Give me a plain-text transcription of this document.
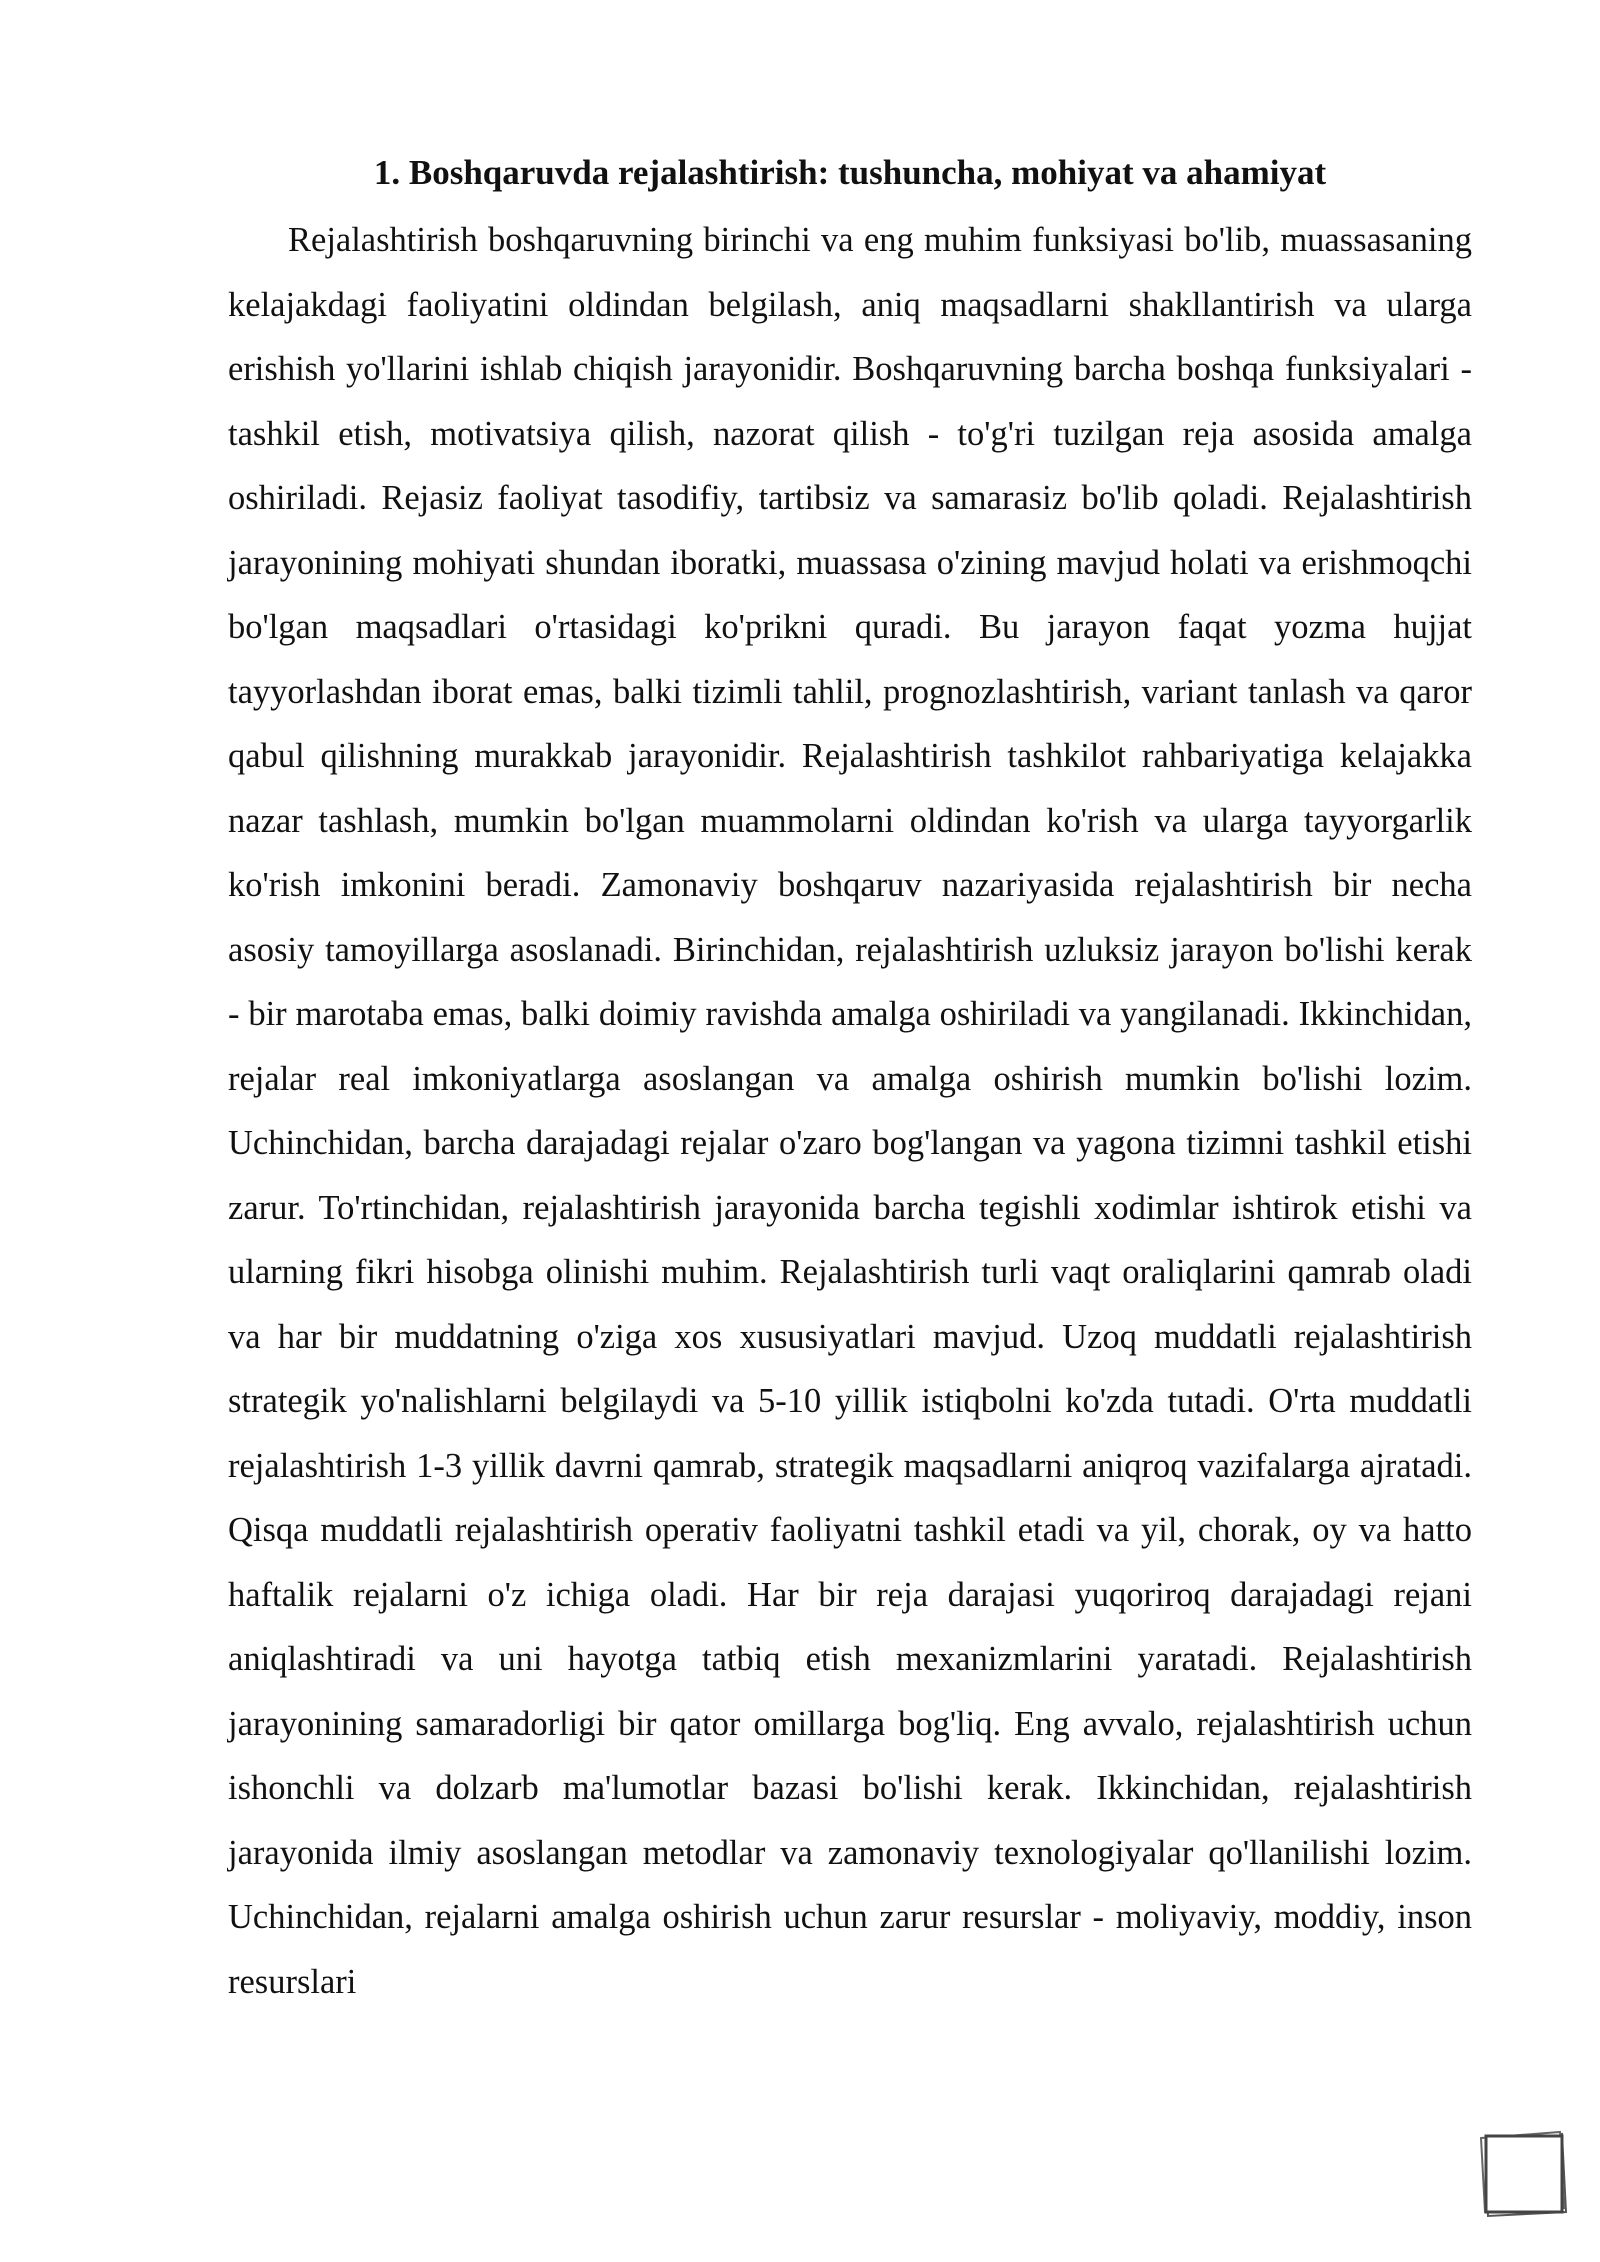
1. Boshqaruvda rejalashtirish: tushuncha, mohiyat va ahamiyat

Rejalashtirish boshqaruvning birinchi va eng muhim funksiyasi bo'lib, muassasaning kelajakdagi faoliyatini oldindan belgilash, aniq maqsadlarni shakllantirish va ularga erishish yo'llarini ishlab chiqish jarayonidir. Boshqaruvning barcha boshqa funksiyalari - tashkil etish, motivatsiya qilish, nazorat qilish - to'g'ri tuzilgan reja asosida amalga oshiriladi. Rejasiz faoliyat tasodifiy, tartibsiz va samarasiz bo'lib qoladi. Rejalashtirish jarayonining mohiyati shundan iboratki, muassasa o'zining mavjud holati va erishmoqchi bo'lgan maqsadlari o'rtasidagi ko'prikni quradi. Bu jarayon faqat yozma hujjat tayyorlashdan iborat emas, balki tizimli tahlil, prognozlashtirish, variant tanlash va qaror qabul qilishning murakkab jarayonidir. Rejalashtirish tashkilot rahbariyatiga kelajakka nazar tashlash, mumkin bo'lgan muammolarni oldindan ko'rish va ularga tayyorgarlik ko'rish imkonini beradi. Zamonaviy boshqaruv nazariyasida rejalashtirish bir necha asosiy tamoyillarga asoslanadi. Birinchidan, rejalashtirish uzluksiz jarayon bo'lishi kerak - bir marotaba emas, balki doimiy ravishda amalga oshiriladi va yangilanadi. Ikkinchidan, rejalar real imkoniyatlarga asoslangan va amalga oshirish mumkin bo'lishi lozim. Uchinchidan, barcha darajadagi rejalar o'zaro bog'langan va yagona tizimni tashkil etishi zarur. To'rtinchidan, rejalashtirish jarayonida barcha tegishli xodimlar ishtirok etishi va ularning fikri hisobga olinishi muhim. Rejalashtirish turli vaqt oraliqlarini qamrab oladi va har bir muddatning o'ziga xos xususiyatlari mavjud. Uzoq muddatli rejalashtirish strategik yo'nalishlarni belgilaydi va 5-10 yillik istiqbolni ko'zda tutadi. O'rta muddatli rejalashtirish 1-3 yillik davrni qamrab, strategik maqsadlarni aniqroq vazifalarga ajratadi. Qisqa muddatli rejalashtirish operativ faoliyatni tashkil etadi va yil, chorak, oy va hatto haftalik rejalarni o'z ichiga oladi. Har bir reja darajasi yuqoriroq darajadagi rejani aniqlashtiradi va uni hayotga tatbiq etish mexanizmlarini yaratadi. Rejalashtirish jarayonining samaradorligi bir qator omillarga bog'liq. Eng avvalo, rejalashtirish uchun ishonchli va dolzarb ma'lumotlar bazasi bo'lishi kerak. Ikkinchidan, rejalashtirish jarayonida ilmiy asoslangan metodlar va zamonaviy texnologiyalar qo'llanilishi lozim. Uchinchidan, rejalarni amalga oshirish uchun zarur resurslar - moliyaviy, moddiy, inson resurslari
